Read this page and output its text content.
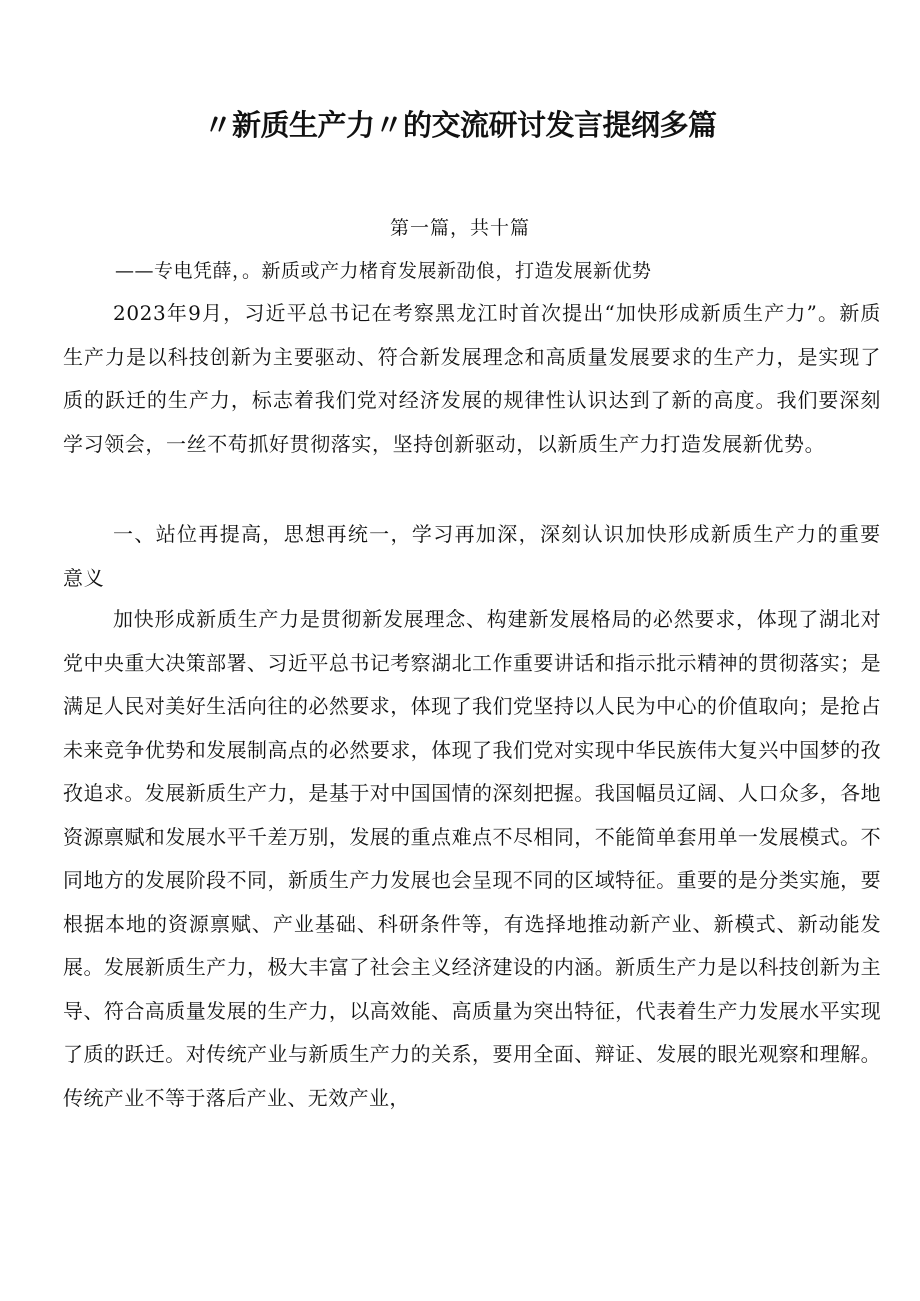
〃新质生产力〃的交流研讨发言提纲多篇
第一篇，共十篇
——专电凭薛，。新质或产力楮育发展新劭俍，打造发展新优势

2023年9月，习近平总书记在考察黑龙江时首次提出“加快形成新质生产力”。新质生产力是以科技创新为主要驱动、符合新发展理念和高质量发展要求的生产力，是实现了质的跃迁的生产力，标志着我们党对经济发展的规律性认识达到了新的高度。我们要深刻学习领会，一丝不苟抓好贯彻落实，坚持创新驱动，以新质生产力打造发展新优势。

一、站位再提高，思想再统一，学习再加深，深刻认识加快形成新质生产力的重要意义

加快形成新质生产力是贯彻新发展理念、构建新发展格局的必然要求，体现了湖北对党中央重大决策部署、习近平总书记考察湖北工作重要讲话和指示批示精神的贯彻落实；是满足人民对美好生活向往的必然要求，体现了我们党坚持以人民为中心的价值取向；是抢占未来竞争优势和发展制高点的必然要求，体现了我们党对实现中华民族伟大复兴中国梦的孜孜追求。发展新质生产力，是基于对中国国情的深刻把握。我国幅员辽阔、人口众多，各地资源禀赋和发展水平千差万别，发展的重点难点不尽相同，不能简单套用单一发展模式。不同地方的发展阶段不同，新质生产力发展也会呈现不同的区域特征。重要的是分类实施，要根据本地的资源禀赋、产业基础、科研条件等，有选择地推动新产业、新模式、新动能发展。发展新质生产力，极大丰富了社会主义经济建设的内涵。新质生产力是以科技创新为主导、符合高质量发展的生产力，以高效能、高质量为突出特征，代表着生产力发展水平实现了质的跃迁。对传统产业与新质生产力的关系，要用全面、辩证、发展的眼光观察和理解。传统产业不等于落后产业、无效产业，
